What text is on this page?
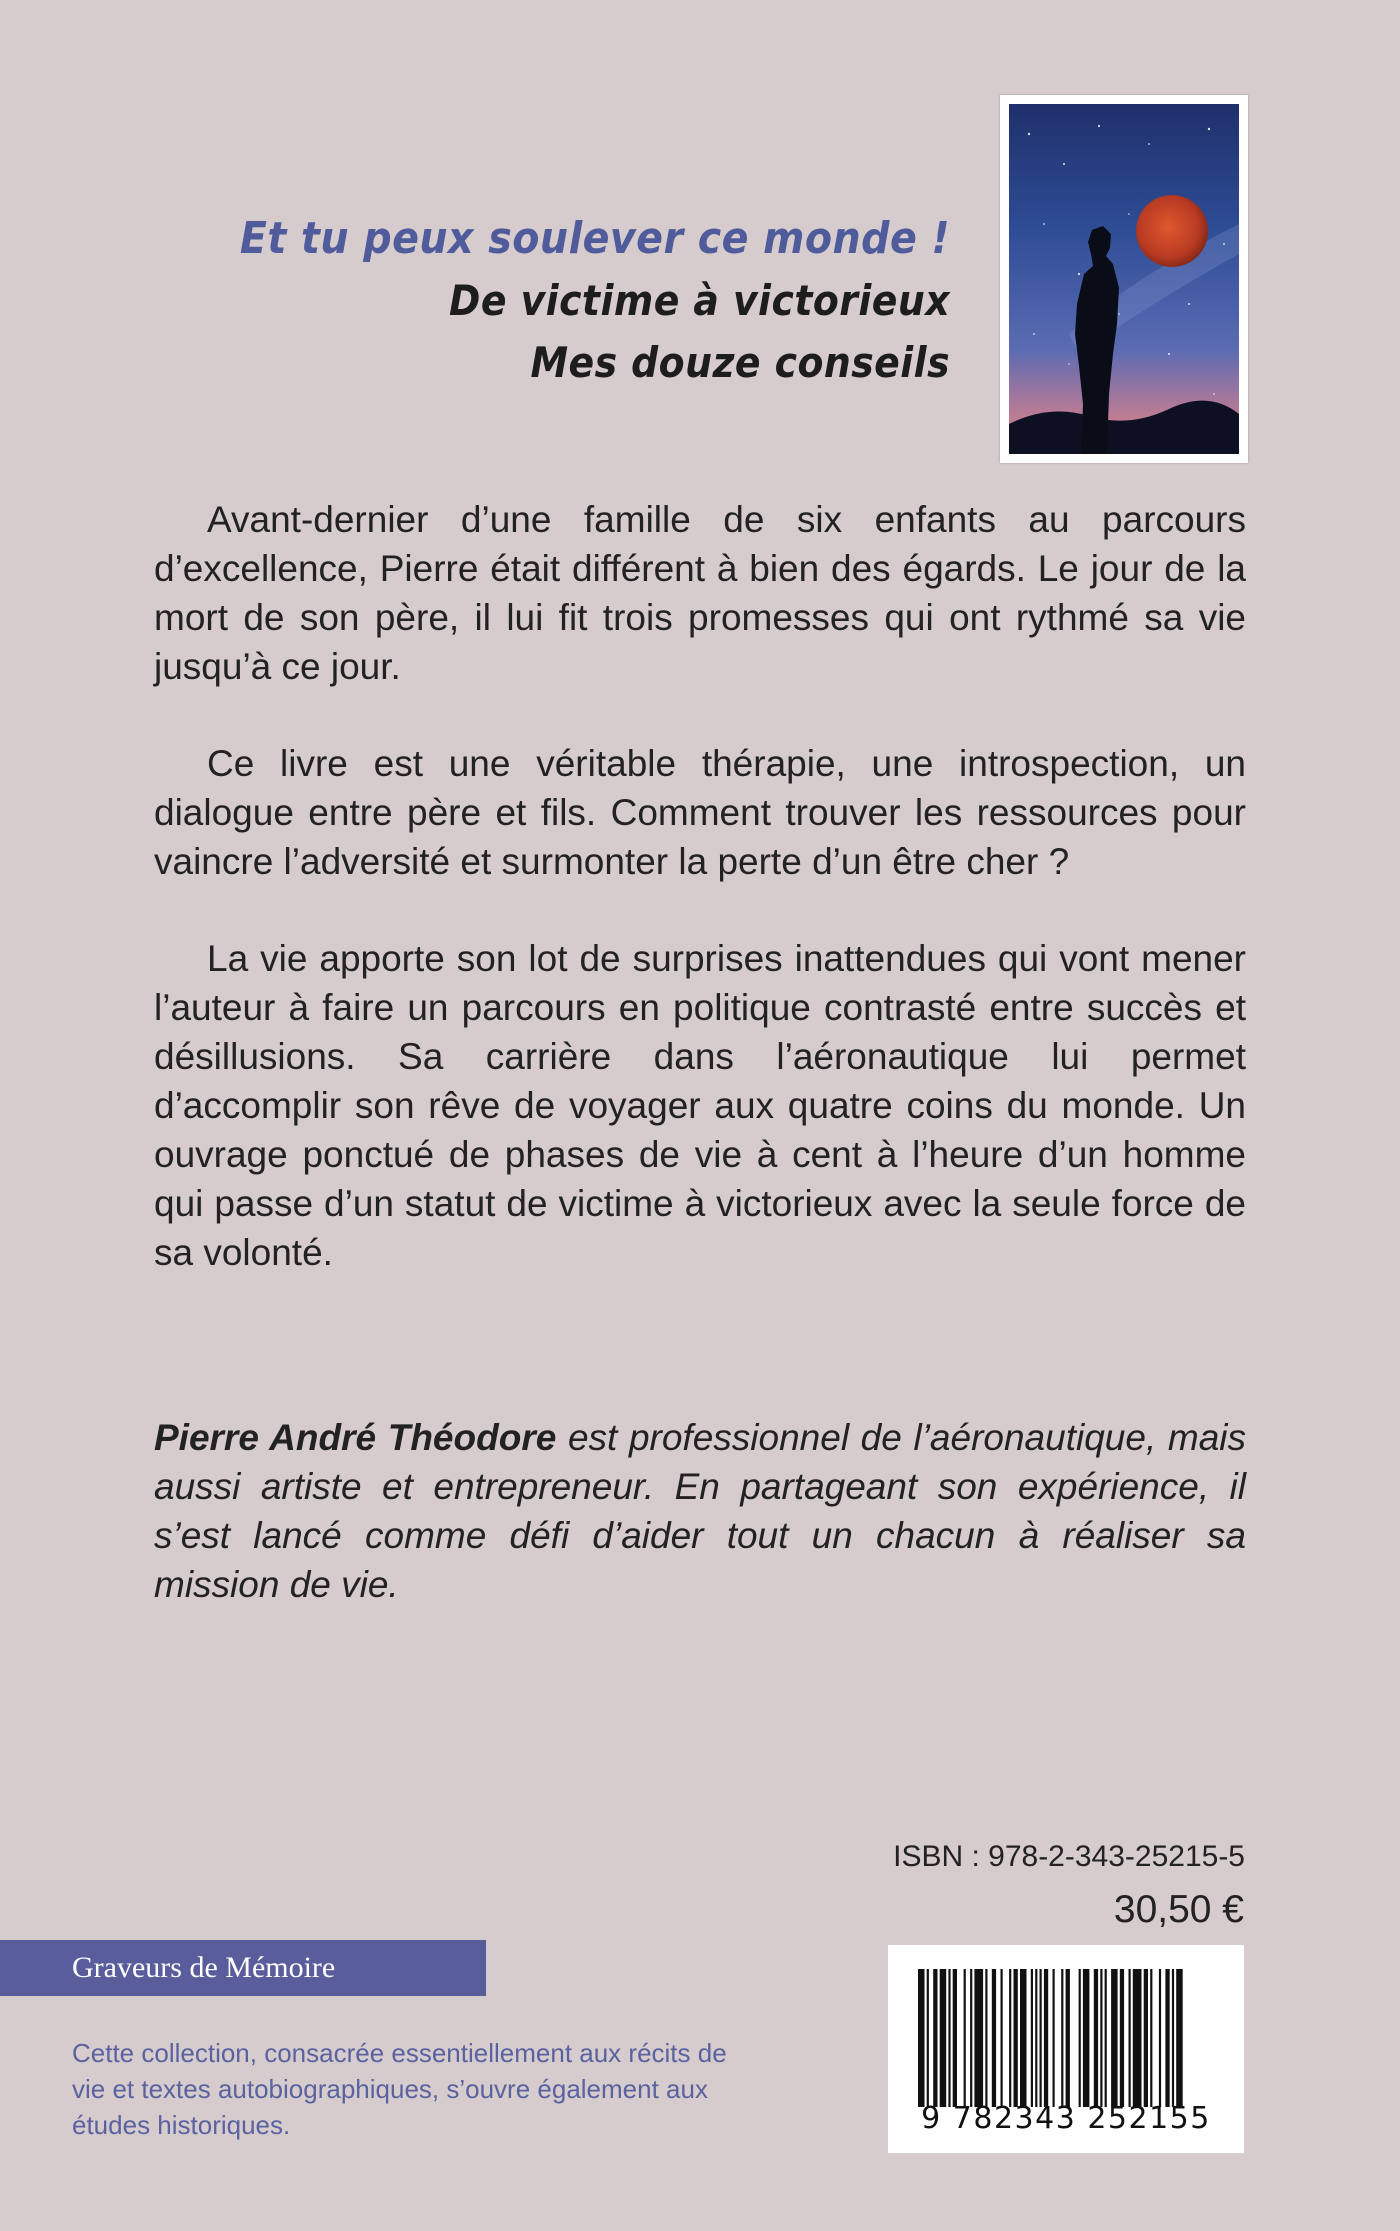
Et tu peux soulever ce monde !
De victime à victorieux
Mes douze conseils

Avant-dernier d’une famille de six enfants au parcours d’excellence, Pierre était différent à bien des égards. Le jour de la mort de son père, il lui fit trois promesses qui ont rythmé sa vie jusqu’à ce jour.

Ce livre est une véritable thérapie, une introspection, un dialogue entre père et fils. Comment trouver les ressources pour vaincre l’adversité et surmonter la perte d’un être cher ?

La vie apporte son lot de surprises inattendues qui vont mener l’auteur à faire un parcours en politique contrasté entre succès et désillusions. Sa carrière dans l’aéronautique lui permet d’accomplir son rêve de voyager aux quatre coins du monde. Un ouvrage ponctué de phases de vie à cent à l’heure d’un homme qui passe d’un statut de victime à victorieux avec la seule force de sa volonté.

Pierre André Théodore est professionnel de l’aéronautique, mais aussi artiste et entrepreneur. En partageant son expérience, il s’est lancé comme défi d’aider tout un chacun à réaliser sa mission de vie.
ISBN : 978-2-343-25215-5
30,50 €
Graveurs de Mémoire
Cette collection, consacrée essentiellement aux récits de vie et textes autobiographiques, s’ouvre également aux études historiques.	9 782343 252155
